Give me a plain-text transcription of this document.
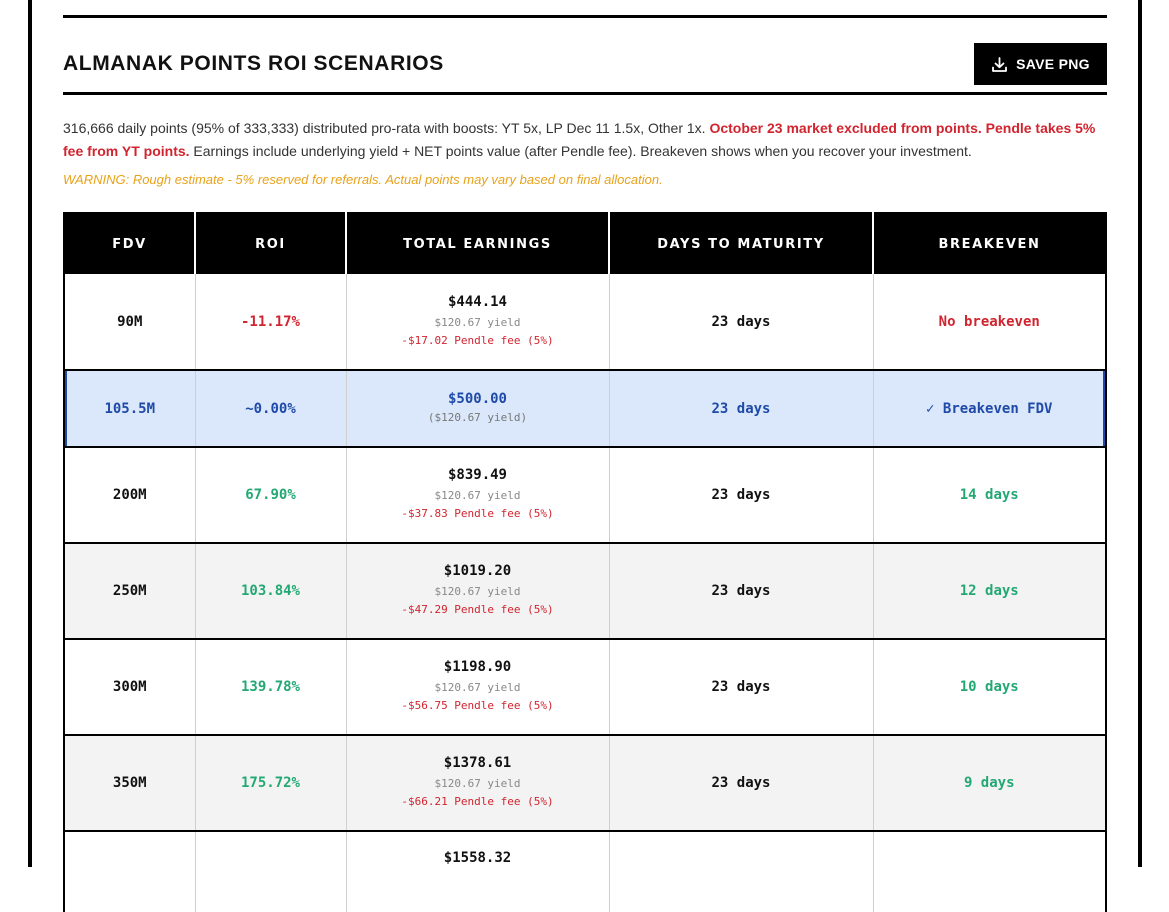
ALMANAK POINTS ROI SCENARIOS	SAVE PNG

316,666 daily points (95% of 333,333) distributed pro-rata with boosts: YT 5x, LP Dec 11 1.5x, Other 1x. October 23 market excluded from points. Pendle takes 5% fee from YT points. Earnings include underlying yield + NET points value (after Pendle fee). Breakeven shows when you recover your investment.

WARNING: Rough estimate - 5% reserved for referrals. Actual points may vary based on final allocation.

FDV	ROI	TOTAL EARNINGS	DAYS TO MATURITY	BREAKEVEN
90M	-11.17%	$444.14
$120.67 yield
-$17.02 Pendle fee (5%)	23 days	No breakeven
105.5M	~0.00%	$500.00
($120.67 yield)	23 days	✓ Breakeven FDV
200M	67.90%	$839.49
$120.67 yield
-$37.83 Pendle fee (5%)	23 days	14 days
250M	103.84%	$1019.20
$120.67 yield
-$47.29 Pendle fee (5%)	23 days	12 days
300M	139.78%	$1198.90
$120.67 yield
-$56.75 Pendle fee (5%)	23 days	10 days
350M	175.72%	$1378.61
$120.67 yield
-$66.21 Pendle fee (5%)	23 days	9 days

		$1558.32		
